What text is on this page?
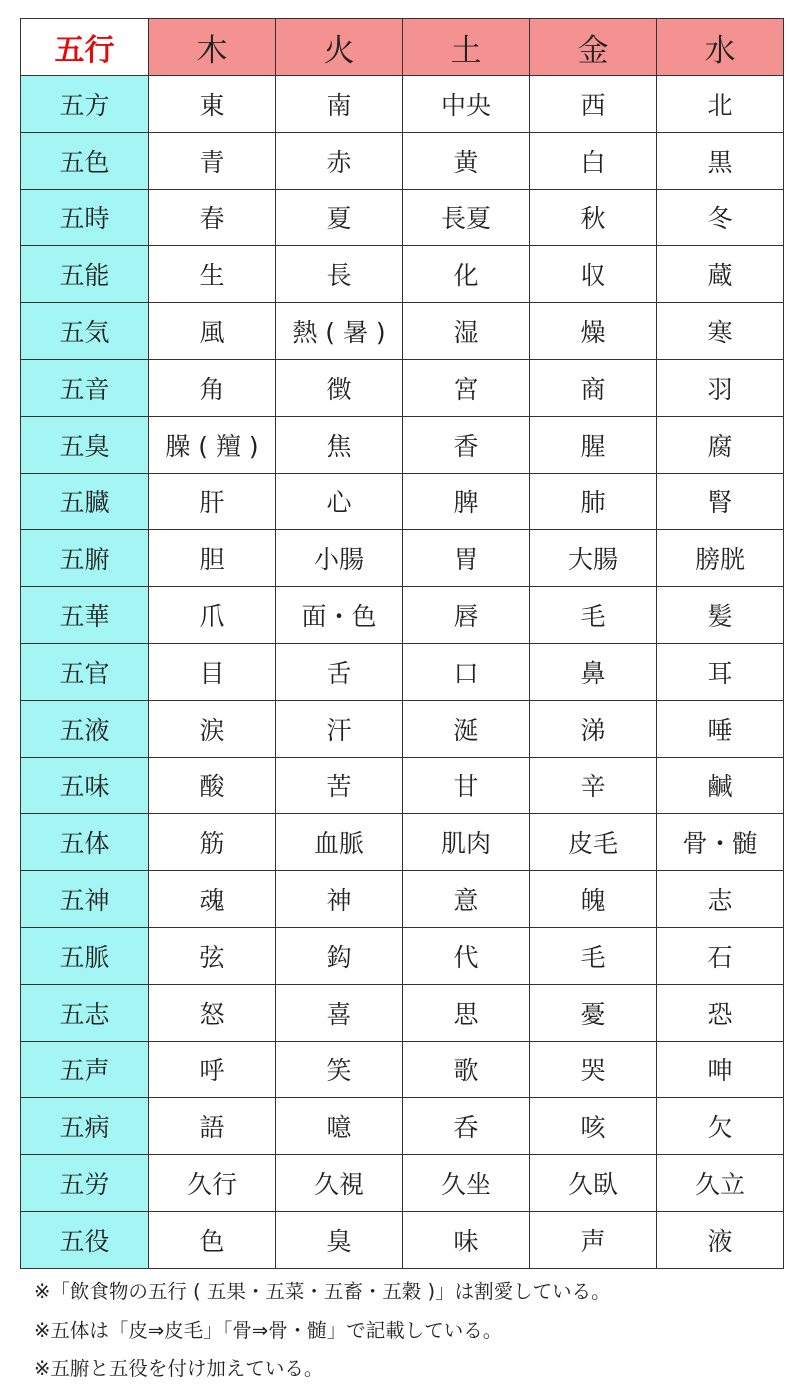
五行	木	火	土	金	水
五方	東	南	中央	西	北
五色	青	赤	黄	白	黒
五時	春	夏	長夏	秋	冬
五能	生	長	化	収	蔵
五気	風	熱 ( 暑 )	湿	燥	寒
五音	角	徴	宮	商	羽
五臭	臊 ( 羶 )	焦	香	腥	腐
五臓	肝	心	脾	肺	腎
五腑	胆	小腸	胃	大腸	膀胱
五華	爪	面・色	唇	毛	髪
五官	目	舌	口	鼻	耳
五液	涙	汗	涎	涕	唾
五味	酸	苦	甘	辛	鹹
五体	筋	血脈	肌肉	皮毛	骨・髄
五神	魂	神	意	魄	志
五脈	弦	鈎	代	毛	石
五志	怒	喜	思	憂	恐
五声	呼	笑	歌	哭	呻
五病	語	噫	呑	咳	欠
五労	久行	久視	久坐	久臥	久立
五役	色	臭	味	声	液
※「飲食物の五行 ( 五果・五菜・五畜・五穀 )」は割愛している。
※五体は「皮⇒皮毛」「骨⇒骨・髄」で記載している。
※五腑と五役を付け加えている。
